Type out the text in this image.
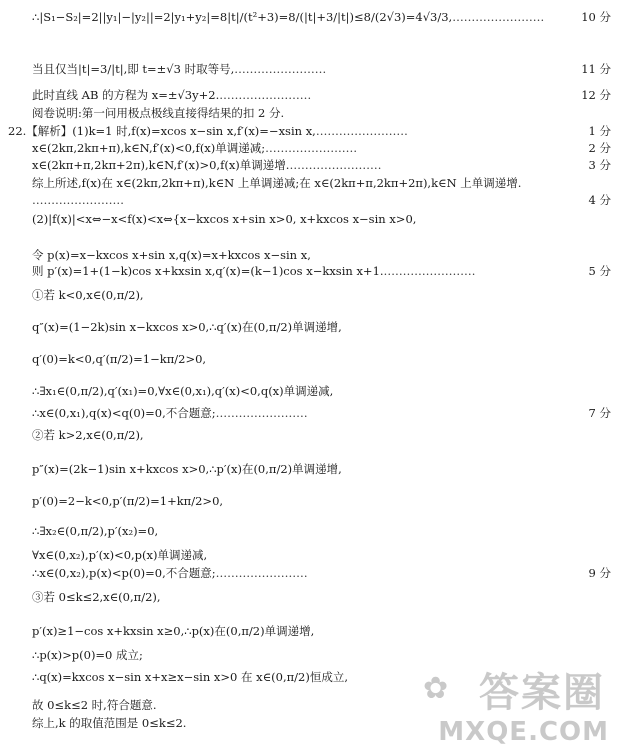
∴|S₁−S₂|=2||y₁|−|y₂||=2|y₁+y₂|=8|t|/(t²+3)=8/(|t|+3/|t|)≤8/(2√3)=4√3/3,……………………	10 分
当且仅当|t|=3/|t|,即 t=±√3 时取等号,……………………	11 分
此时直线 AB 的方程为 x=±√3y+2.……………………	12 分
阅卷说明:第一问用极点极线直接得结果的扣 2 分.
22.【解析】(1)k=1 时,f(x)=xcos x−sin x,f′(x)=−xsin x,……………………	1 分
x∈(2kπ,2kπ+π),k∈N,f′(x)<0,f(x)单调递减;……………………	2 分
x∈(2kπ+π,2kπ+2π),k∈N,f′(x)>0,f(x)单调递增.……………………	3 分
综上所述,f(x)在 x∈(2kπ,2kπ+π),k∈N 上单调递减;在 x∈(2kπ+π,2kπ+2π),k∈N 上单调递增.
……………………	4 分
(2)|f(x)|<x⇔−x<f(x)<x⇔{x−kxcos x+sin x>0, x+kxcos x−sin x>0,
令 p(x)=x−kxcos x+sin x,q(x)=x+kxcos x−sin x,
则 p′(x)=1+(1−k)cos x+kxsin x,q′(x)=(k−1)cos x−kxsin x+1.……………………	5 分
①若 k<0,x∈(0,π/2),
q″(x)=(1−2k)sin x−kxcos x>0,∴q′(x)在(0,π/2)单调递增,
q′(0)=k<0,q′(π/2)=1−kπ/2>0,
∴∃x₁∈(0,π/2),q′(x₁)=0,∀x∈(0,x₁),q′(x)<0,q(x)单调递减,
∴x∈(0,x₁),q(x)<q(0)=0,不合题意;……………………	7 分
②若 k>2,x∈(0,π/2),
p″(x)=(2k−1)sin x+kxcos x>0,∴p′(x)在(0,π/2)单调递增,
p′(0)=2−k<0,p′(π/2)=1+kπ/2>0,
∴∃x₂∈(0,π/2),p′(x₂)=0,
∀x∈(0,x₂),p′(x)<0,p(x)单调递减,
∴x∈(0,x₂),p(x)<p(0)=0,不合题意;……………………	9 分
③若 0≤k≤2,x∈(0,π/2),
p′(x)≥1−cos x+kxsin x≥0,∴p(x)在(0,π/2)单调递增,
∴p(x)>p(0)=0 成立;
∴q(x)=kxcos x−sin x+x≥x−sin x>0 在 x∈(0,π/2)恒成立,
故 0≤k≤2 时,符合题意.
综上,k 的取值范围是 0≤k≤2.
✿ 答案圈
MXQE.COM
